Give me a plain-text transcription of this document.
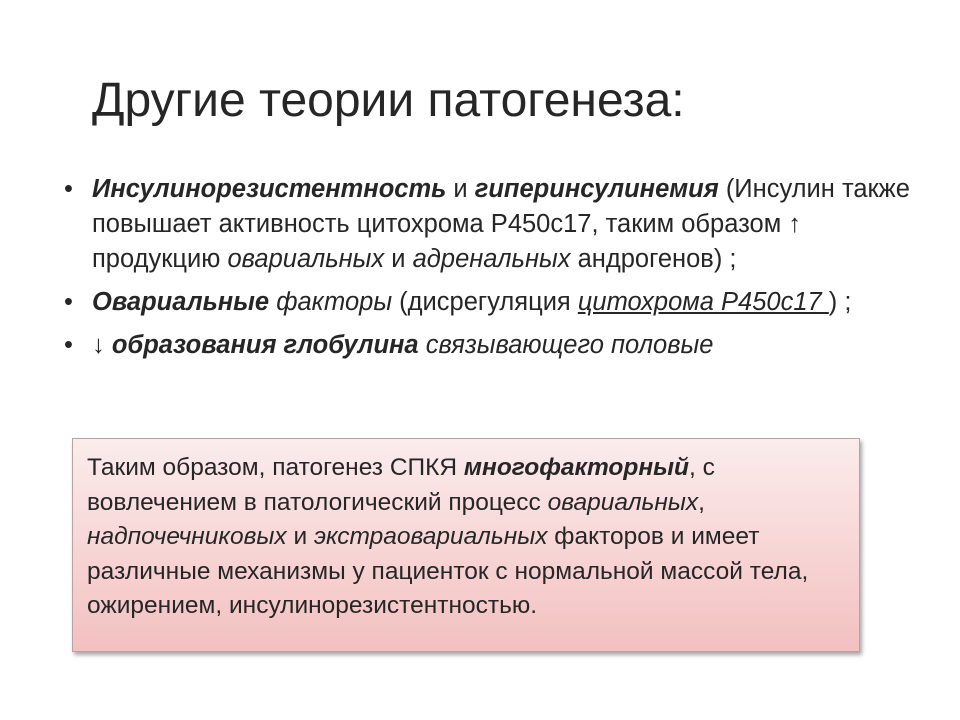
Другие теории патогенеза:
• Инсулинорезистентность и гиперинсулинемия (Инсулин также повышает активность цитохрома P450c17, таким образом ↑ продукцию овариальных и адренальных андрогенов) ;
• Овариальные факторы (дисрегуляция цитохрома P450c17 ) ;
• ↓ образования глобулина связывающего половые

Таким образом, патогенез СПКЯ многофакторный, с вовлечением в патологический процесс овариальных, надпочечниковых и экстраовариальных факторов и имеет различные механизмы у пациенток с нормальной массой тела, ожирением, инсулинорезистентностью.
